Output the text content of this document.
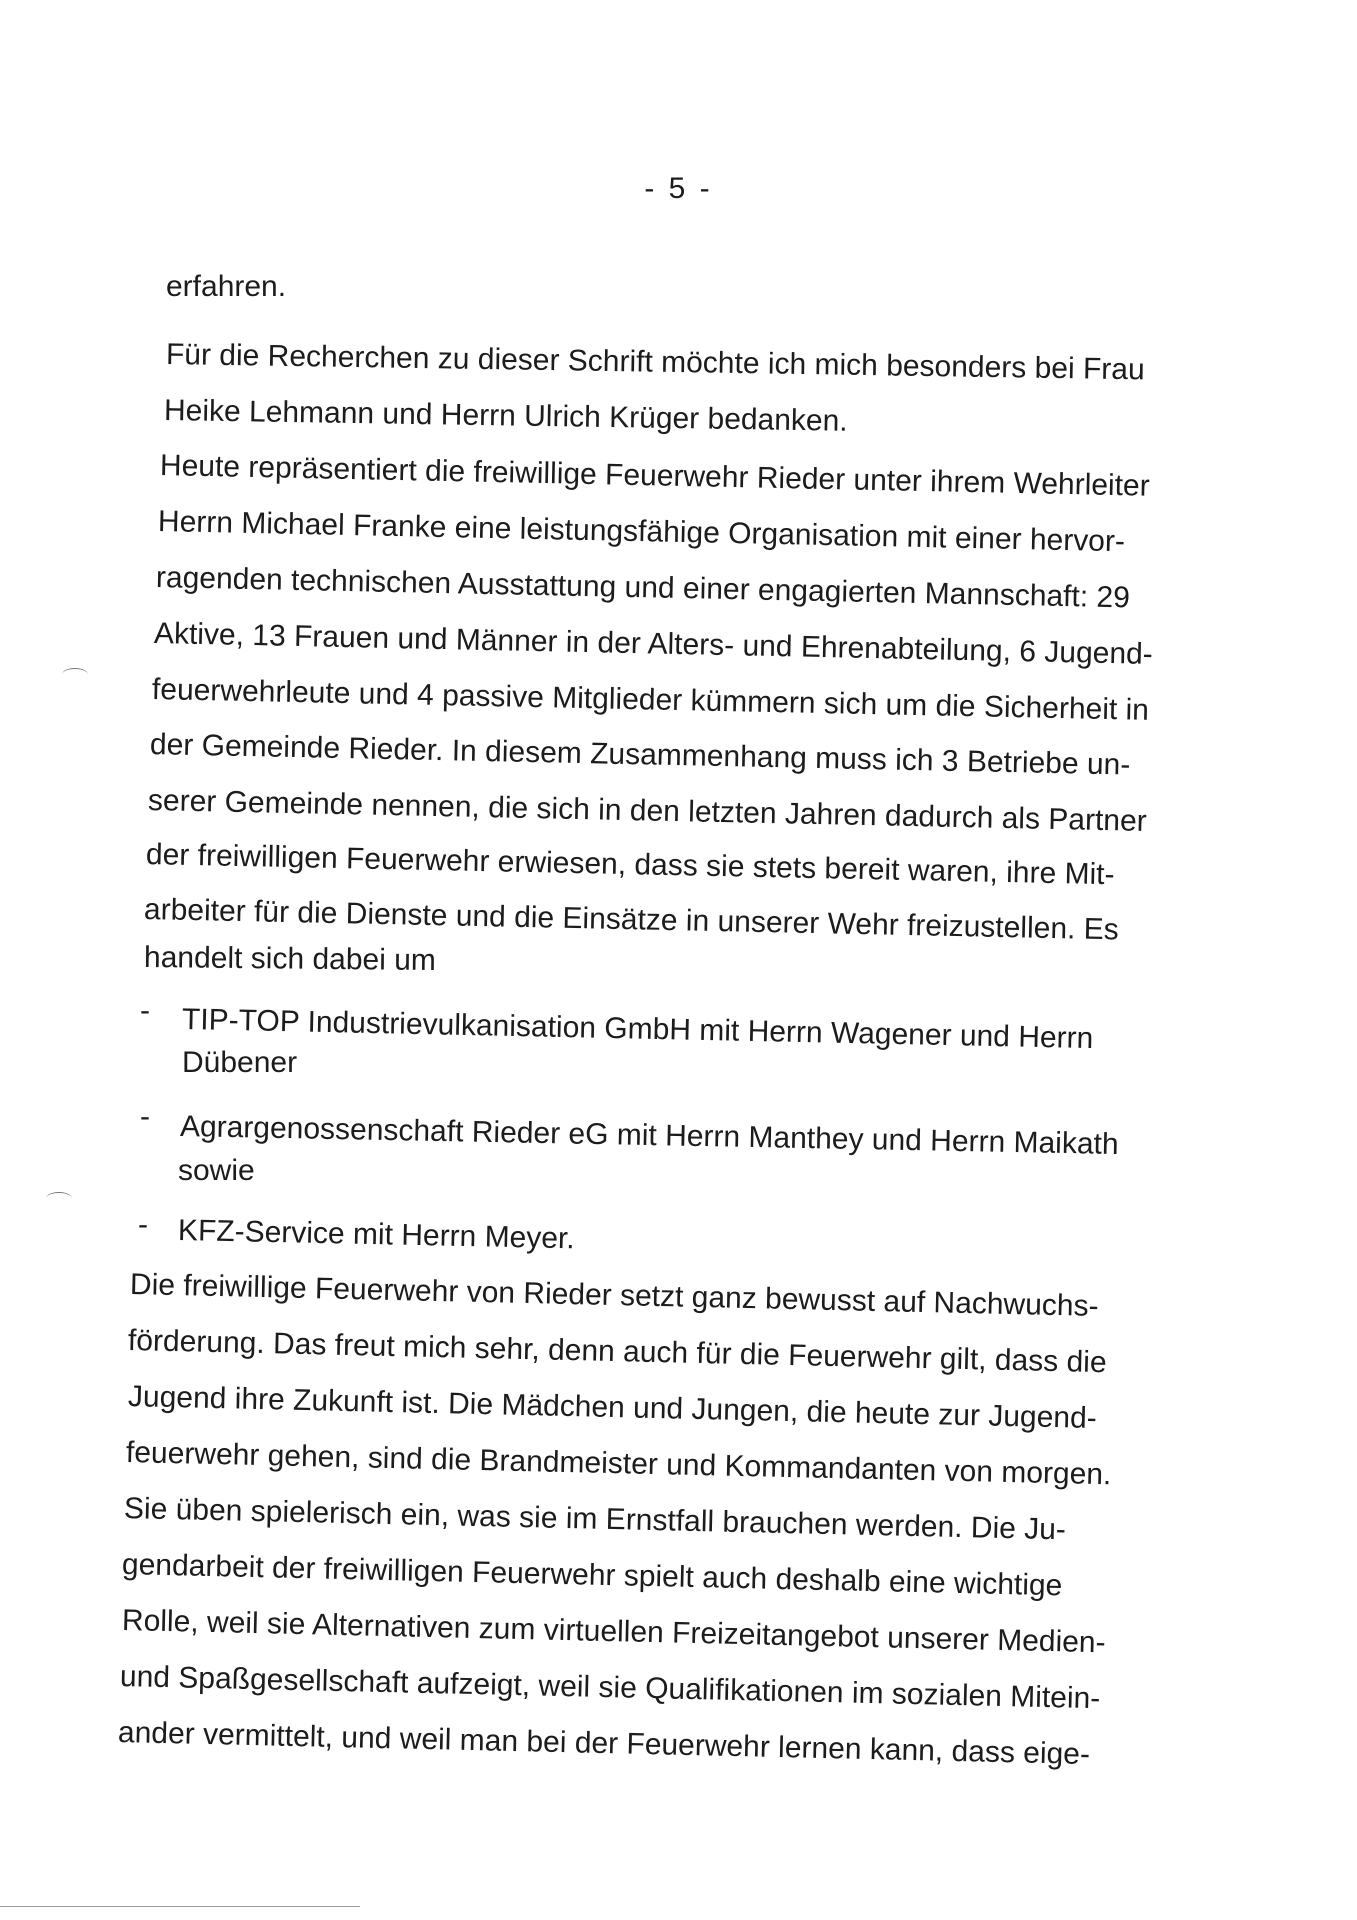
- 5 -
erfahren.
Für die Recherchen zu dieser Schrift möchte ich mich besonders bei Frau
Heike Lehmann und Herrn Ulrich Krüger bedanken.
Heute repräsentiert die freiwillige Feuerwehr Rieder unter ihrem Wehrleiter
Herrn Michael Franke eine leistungsfähige Organisation mit einer hervor-
ragenden technischen Ausstattung und einer engagierten Mannschaft: 29
Aktive, 13 Frauen und Männer in der Alters- und Ehrenabteilung, 6 Jugend-
feuerwehrleute und 4 passive Mitglieder kümmern sich um die Sicherheit in
der Gemeinde Rieder. In diesem Zusammenhang muss ich 3 Betriebe un-
serer Gemeinde nennen, die sich in den letzten Jahren dadurch als Partner
der freiwilligen Feuerwehr erwiesen, dass sie stets bereit waren, ihre Mit-
arbeiter für die Dienste und die Einsätze in unserer Wehr freizustellen. Es
handelt sich dabei um
- TIP-TOP Industrievulkanisation GmbH mit Herrn Wagener und Herrn
Dübener
- Agrargenossenschaft Rieder eG mit Herrn Manthey und Herrn Maikath
sowie
- KFZ-Service mit Herrn Meyer.
Die freiwillige Feuerwehr von Rieder setzt ganz bewusst auf Nachwuchs-
förderung. Das freut mich sehr, denn auch für die Feuerwehr gilt, dass die
Jugend ihre Zukunft ist. Die Mädchen und Jungen, die heute zur Jugend-
feuerwehr gehen, sind die Brandmeister und Kommandanten von morgen.
Sie üben spielerisch ein, was sie im Ernstfall brauchen werden. Die Ju-
gendarbeit der freiwilligen Feuerwehr spielt auch deshalb eine wichtige
Rolle, weil sie Alternativen zum virtuellen Freizeitangebot unserer Medien-
und Spaßgesellschaft aufzeigt, weil sie Qualifikationen im sozialen Mitein-
ander vermittelt, und weil man bei der Feuerwehr lernen kann, dass eige-
